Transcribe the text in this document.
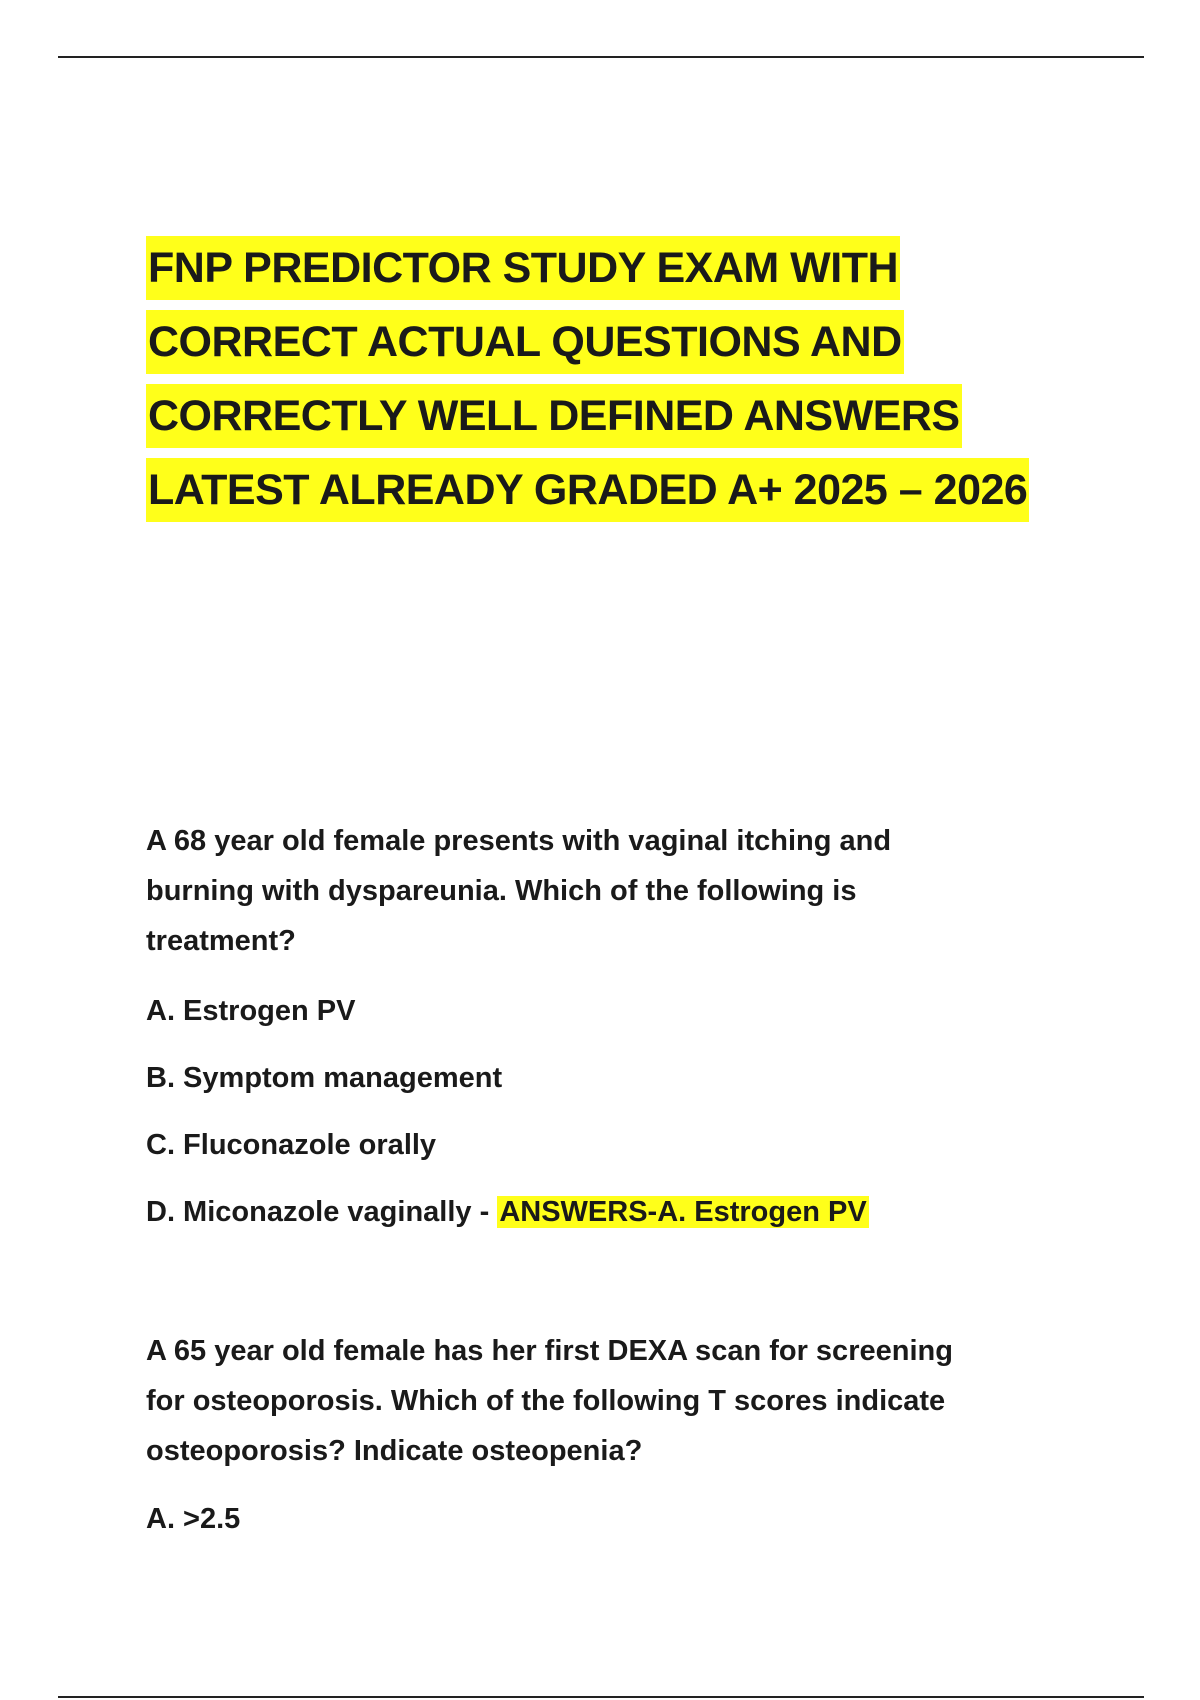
FNP PREDICTOR STUDY EXAM WITH
CORRECT ACTUAL QUESTIONS AND
CORRECTLY WELL DEFINED ANSWERS
LATEST ALREADY GRADED A+ 2025 – 2026

A 68 year old female presents with vaginal itching and
burning with dyspareunia. Which of the following is
treatment?

A. Estrogen PV
B. Symptom management
C. Fluconazole orally
D. Miconazole vaginally - ANSWERS-A. Estrogen PV

A 65 year old female has her first DEXA scan for screening
for osteoporosis. Which of the following T scores indicate
osteoporosis? Indicate osteopenia?

A. >2.5
